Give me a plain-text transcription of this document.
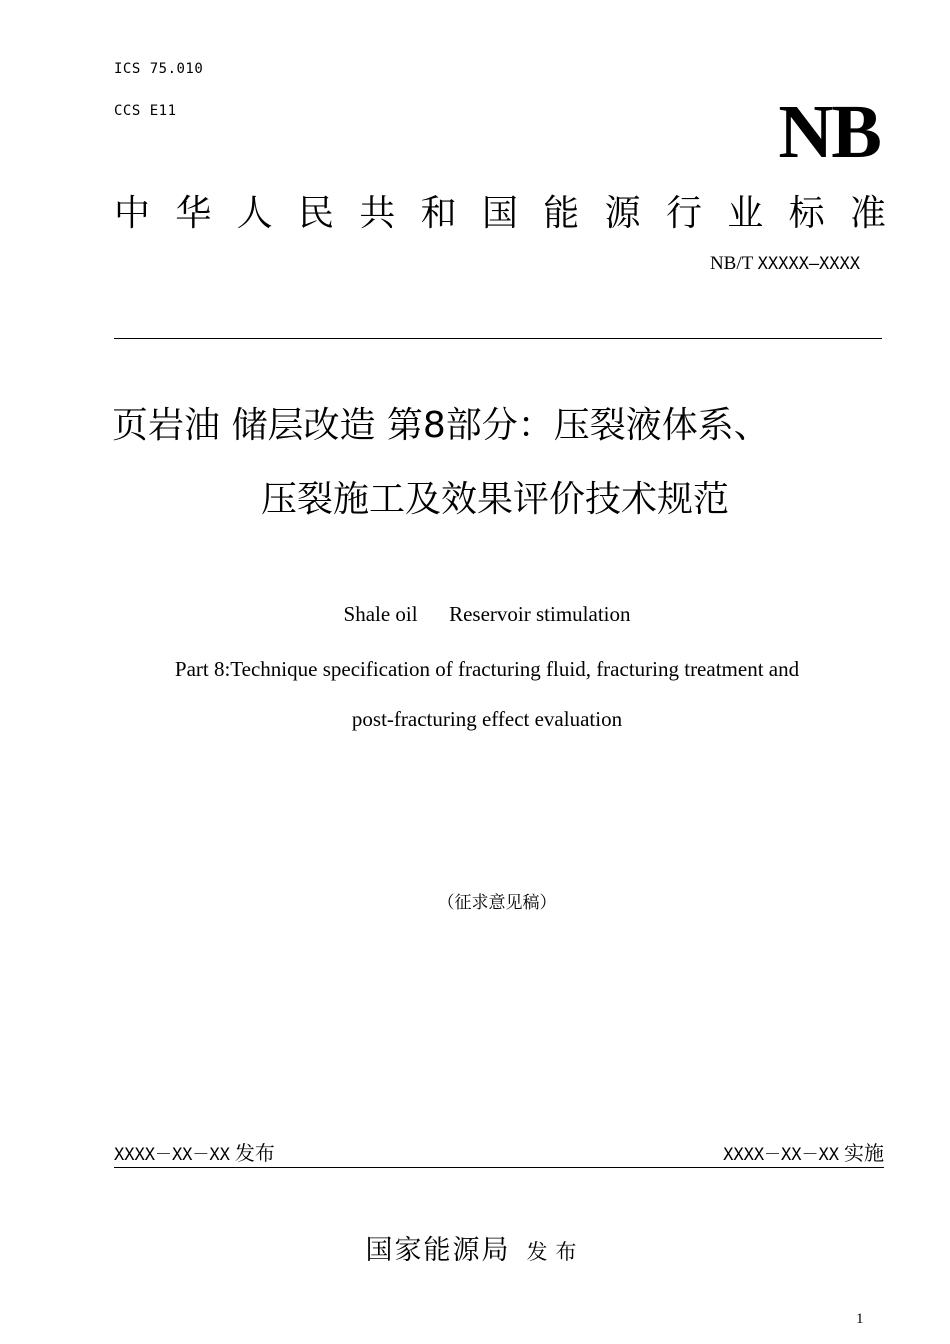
ICS 75.010
CCS E11	NB
中 华 人 民 共 和 国 能 源 行 业 标 准
NB/T XXXXX—XXXX
页岩油 储层改造 第8部分：压裂液体系、
压裂施工及效果评价技术规范
Shale oil      Reservoir stimulation
Part 8:Technique specification of fracturing fluid, fracturing treatment and
post-fracturing effect evaluation
（征求意见稿）
XXXX－XX－XX 发布	XXXX－XX－XX 实施
国家能源局 发布
1
